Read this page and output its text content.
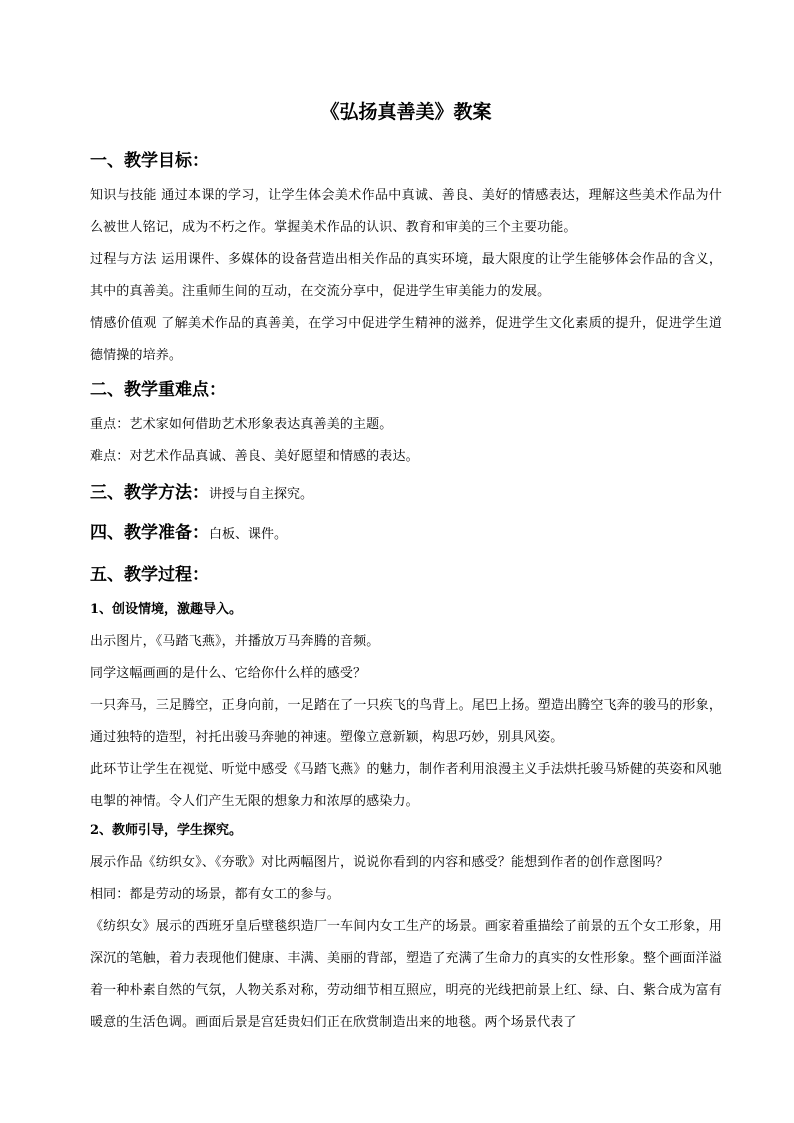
《弘扬真善美》教案
一、教学目标：
知识与技能 通过本课的学习，让学生体会美术作品中真诚、善良、美好的情感表达，理解这些美术作品为什么被世人铭记，成为不朽之作。掌握美术作品的认识、教育和审美的三个主要功能。
过程与方法 运用课件、多媒体的设备营造出相关作品的真实环境，最大限度的让学生能够体会作品的含义，其中的真善美。注重师生间的互动，在交流分享中，促进学生审美能力的发展。
情感价值观 了解美术作品的真善美，在学习中促进学生精神的滋养，促进学生文化素质的提升，促进学生道德情操的培养。
二、教学重难点：
重点：艺术家如何借助艺术形象表达真善美的主题。
难点：对艺术作品真诚、善良、美好愿望和情感的表达。
三、教学方法：讲授与自主探究。
四、教学准备：白板、课件。
五、教学过程：
1、创设情境，激趣导入。
出示图片，《马踏飞燕》，并播放万马奔腾的音频。
同学这幅画画的是什么、它给你什么样的感受？
一只奔马，三足腾空，正身向前，一足踏在了一只疾飞的鸟背上。尾巴上扬。塑造出腾空飞奔的骏马的形象，通过独特的造型，衬托出骏马奔驰的神速。塑像立意新颖，构思巧妙，别具风姿。
此环节让学生在视觉、听觉中感受《马踏飞燕》的魅力，制作者利用浪漫主义手法烘托骏马矫健的英姿和风驰电掣的神情。令人们产生无限的想象力和浓厚的感染力。
2、教师引导，学生探究。
展示作品《纺织女》、《夯歌》对比两幅图片，说说你看到的内容和感受？能想到作者的创作意图吗？
相同：都是劳动的场景，都有女工的参与。
《纺织女》展示的西班牙皇后壁毯织造厂一车间内女工生产的场景。画家着重描绘了前景的五个女工形象，用深沉的笔触，着力表现他们健康、丰满、美丽的背部，塑造了充满了生命力的真实的女性形象。整个画面洋溢着一种朴素自然的气氛，人物关系对称，劳动细节相互照应，明亮的光线把前景上红、绿、白、紫合成为富有暖意的生活色调。画面后景是宫廷贵妇们正在欣赏制造出来的地毯。两个场景代表了
